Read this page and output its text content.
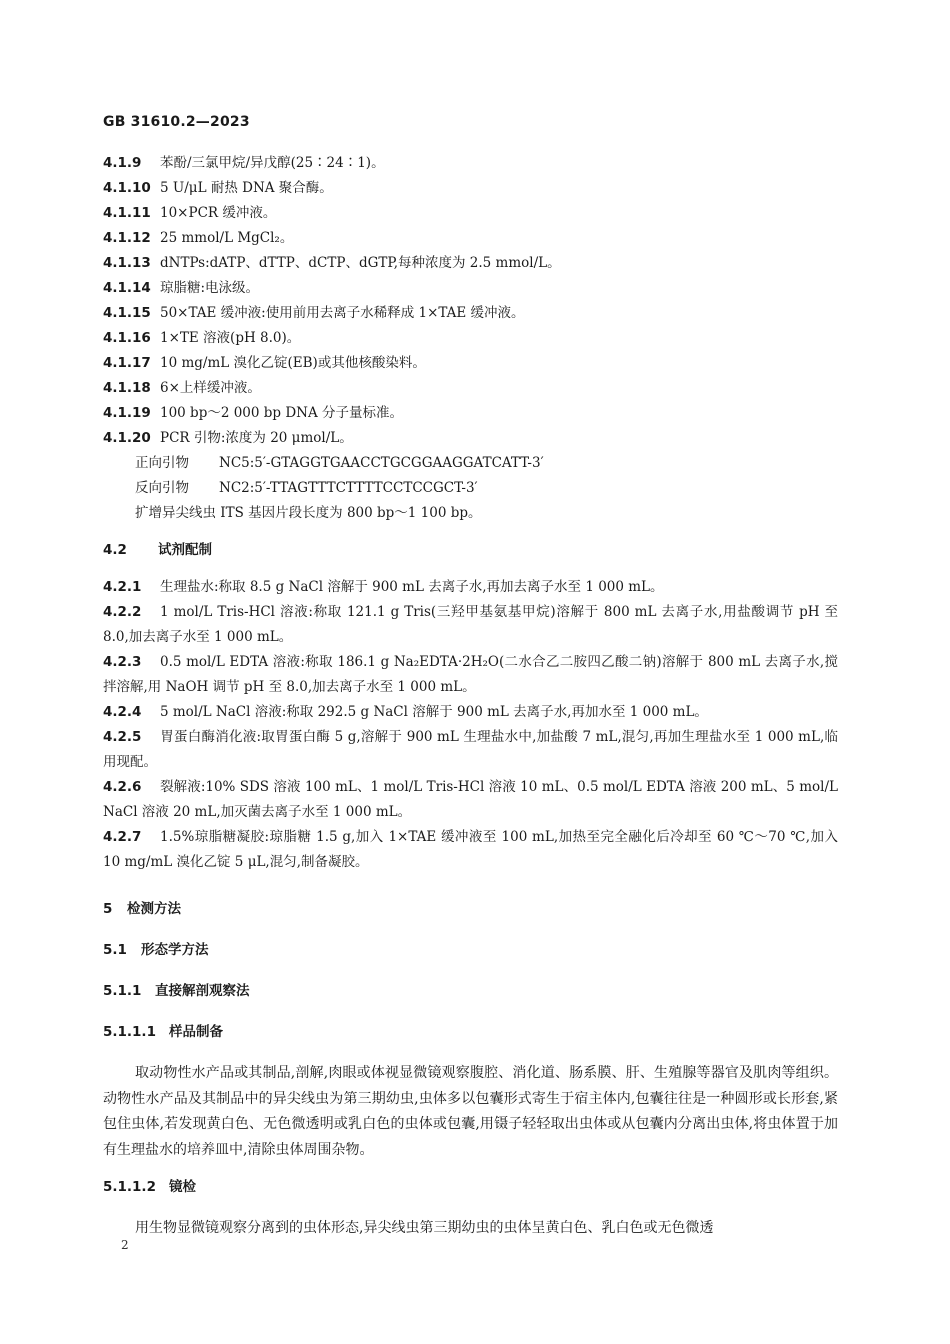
GB 31610.2—2023
4.1.9 苯酚/三氯甲烷/异戊醇(25∶24∶1)。
4.1.10 5 U/μL 耐热 DNA 聚合酶。
4.1.11 10×PCR 缓冲液。
4.1.12 25 mmol/L MgCl₂。
4.1.13 dNTPs:dATP、dTTP、dCTP、dGTP,每种浓度为 2.5 mmol/L。
4.1.14 琼脂糖:电泳级。
4.1.15 50×TAE 缓冲液:使用前用去离子水稀释成 1×TAE 缓冲液。
4.1.16 1×TE 溶液(pH 8.0)。
4.1.17 10 mg/mL 溴化乙锭(EB)或其他核酸染料。
4.1.18 6×上样缓冲液。
4.1.19 100 bp～2 000 bp DNA 分子量标准。
4.1.20 PCR 引物:浓度为 20 μmol/L。
正向引物 NC5:5′-GTAGGTGAACCTGCGGAAGGATCATT-3′
反向引物 NC2:5′-TTAGTTTCTTTTCCTCCGCT-3′
扩增异尖线虫 ITS 基因片段长度为 800 bp～1 100 bp。
4.2 试剂配制
4.2.1 生理盐水:称取 8.5 g NaCl 溶解于 900 mL 去离子水,再加去离子水至 1 000 mL。
4.2.2 1 mol/L Tris-HCl 溶液:称取 121.1 g Tris(三羟甲基氨基甲烷)溶解于 800 mL 去离子水,用盐酸调节 pH 至 8.0,加去离子水至 1 000 mL。
4.2.3 0.5 mol/L EDTA 溶液:称取 186.1 g Na₂EDTA·2H₂O(二水合乙二胺四乙酸二钠)溶解于 800 mL 去离子水,搅拌溶解,用 NaOH 调节 pH 至 8.0,加去离子水至 1 000 mL。
4.2.4 5 mol/L NaCl 溶液:称取 292.5 g NaCl 溶解于 900 mL 去离子水,再加水至 1 000 mL。
4.2.5 胃蛋白酶消化液:取胃蛋白酶 5 g,溶解于 900 mL 生理盐水中,加盐酸 7 mL,混匀,再加生理盐水至 1 000 mL,临用现配。
4.2.6 裂解液:10% SDS 溶液 100 mL、1 mol/L Tris-HCl 溶液 10 mL、0.5 mol/L EDTA 溶液 200 mL、5 mol/L NaCl 溶液 20 mL,加灭菌去离子水至 1 000 mL。
4.2.7 1.5%琼脂糖凝胶:琼脂糖 1.5 g,加入 1×TAE 缓冲液至 100 mL,加热至完全融化后冷却至 60 ℃～70 ℃,加入 10 mg/mL 溴化乙锭 5 μL,混匀,制备凝胶。
5 检测方法
5.1 形态学方法
5.1.1 直接解剖观察法
5.1.1.1 样品制备
取动物性水产品或其制品,剖解,肉眼或体视显微镜观察腹腔、消化道、肠系膜、肝、生殖腺等器官及肌肉等组织。动物性水产品及其制品中的异尖线虫为第三期幼虫,虫体多以包囊形式寄生于宿主体内,包囊往往是一种圆形或长形套,紧包住虫体,若发现黄白色、无色微透明或乳白色的虫体或包囊,用镊子轻轻取出虫体或从包囊内分离出虫体,将虫体置于加有生理盐水的培养皿中,清除虫体周围杂物。
5.1.1.2 镜检
用生物显微镜观察分离到的虫体形态,异尖线虫第三期幼虫的虫体呈黄白色、乳白色或无色微透
2
